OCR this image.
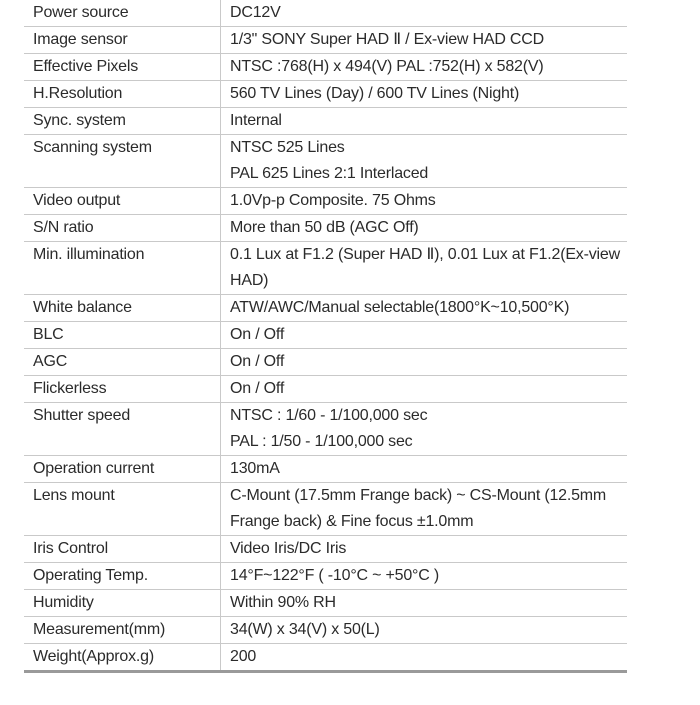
Power source	DC12V
Image sensor	1/3" SONY Super HAD Ⅱ / Ex-view HAD CCD
Effective Pixels	NTSC :768(H) x 494(V) PAL :752(H) x 582(V)
H.Resolution	560 TV Lines (Day) / 600 TV Lines (Night)
Sync. system	Internal
Scanning system	NTSC 525 Lines
PAL 625 Lines 2:1 Interlaced
Video output	1.0Vp-p Composite. 75 Ohms
S/N ratio	More than 50 dB (AGC Off)
Min. illumination	0.1 Lux at F1.2 (Super HAD Ⅱ), 0.01 Lux at F1.2(Ex-view
HAD)
White balance	ATW/AWC/Manual selectable(1800°K~10,500°K)
BLC	On / Off
AGC	On / Off
Flickerless	On / Off
Shutter speed	NTSC : 1/60 - 1/100,000 sec
PAL : 1/50 - 1/100,000 sec
Operation current	130mA
Lens mount	C-Mount (17.5mm Frange back) ~ CS-Mount (12.5mm
Frange back) & Fine focus ±1.0mm
Iris Control	Video Iris/DC Iris
Operating Temp.	14°F~122°F ( -10°C ~ +50°C )
Humidity	Within 90% RH
Measurement(mm)	34(W) x 34(V) x 50(L)
Weight(Approx.g)	200
